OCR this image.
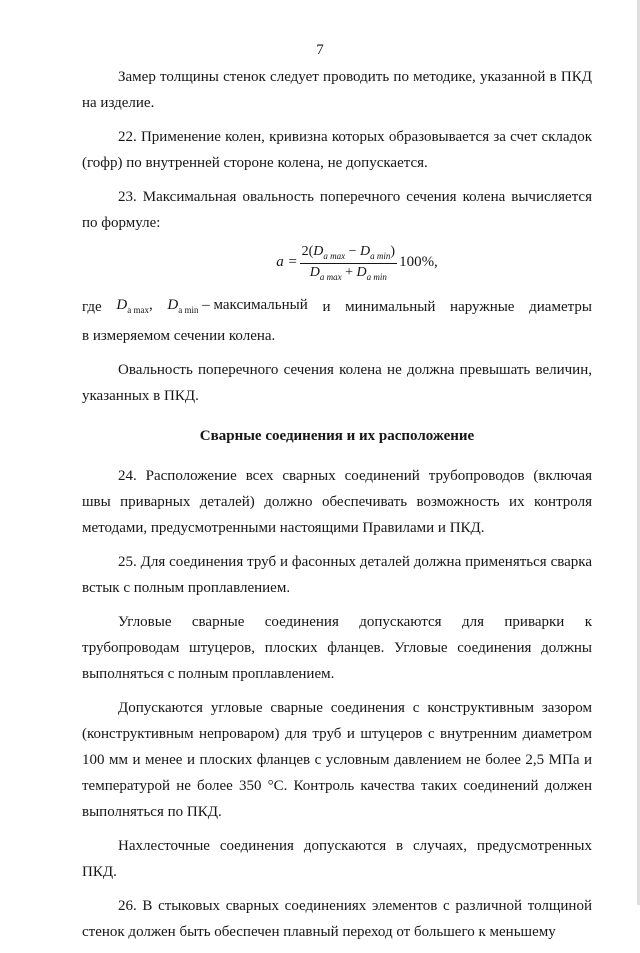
7

Замер толщины стенок следует проводить по методике, указанной в ПКД на изделие.

22. Применение колен, кривизна которых образовывается за счет складок (гофр) по внутренней стороне колена, не допускается.

23. Максимальная овальность поперечного сечения колена вычисляется по формуле:

$a = \frac{2(D_{a max} - D_{a min})}{D_{a max} + D_{a min}} 100\%$,
где $D_{a max}$, $D_{a min}$ – максимальный и минимальный наружные диаметры

в измеряемом сечении колена.

Овальность поперечного сечения колена не должна превышать величин, указанных в ПКД.

Сварные соединения и их расположение

24. Расположение всех сварных соединений трубопроводов (включая швы приварных деталей) должно обеспечивать возможность их контроля методами, предусмотренными настоящими Правилами и ПКД.

25. Для соединения труб и фасонных деталей должна применяться сварка встык с полным проплавлением.

Угловые сварные соединения допускаются для приварки к трубопроводам штуцеров, плоских фланцев. Угловые соединения должны выполняться с полным проплавлением.

Допускаются угловые сварные соединения с конструктивным зазором (конструктивным непроваром) для труб и штуцеров с внутренним диаметром 100 мм и менее и плоских фланцев с условным давлением не более 2,5 МПа и температурой не более 350 °С. Контроль качества таких соединений должен выполняться по ПКД.

Нахлесточные соединения допускаются в случаях, предусмотренных ПКД.

26. В стыковых сварных соединениях элементов с различной толщиной стенок должен быть обеспечен плавный переход от большего к меньшему
